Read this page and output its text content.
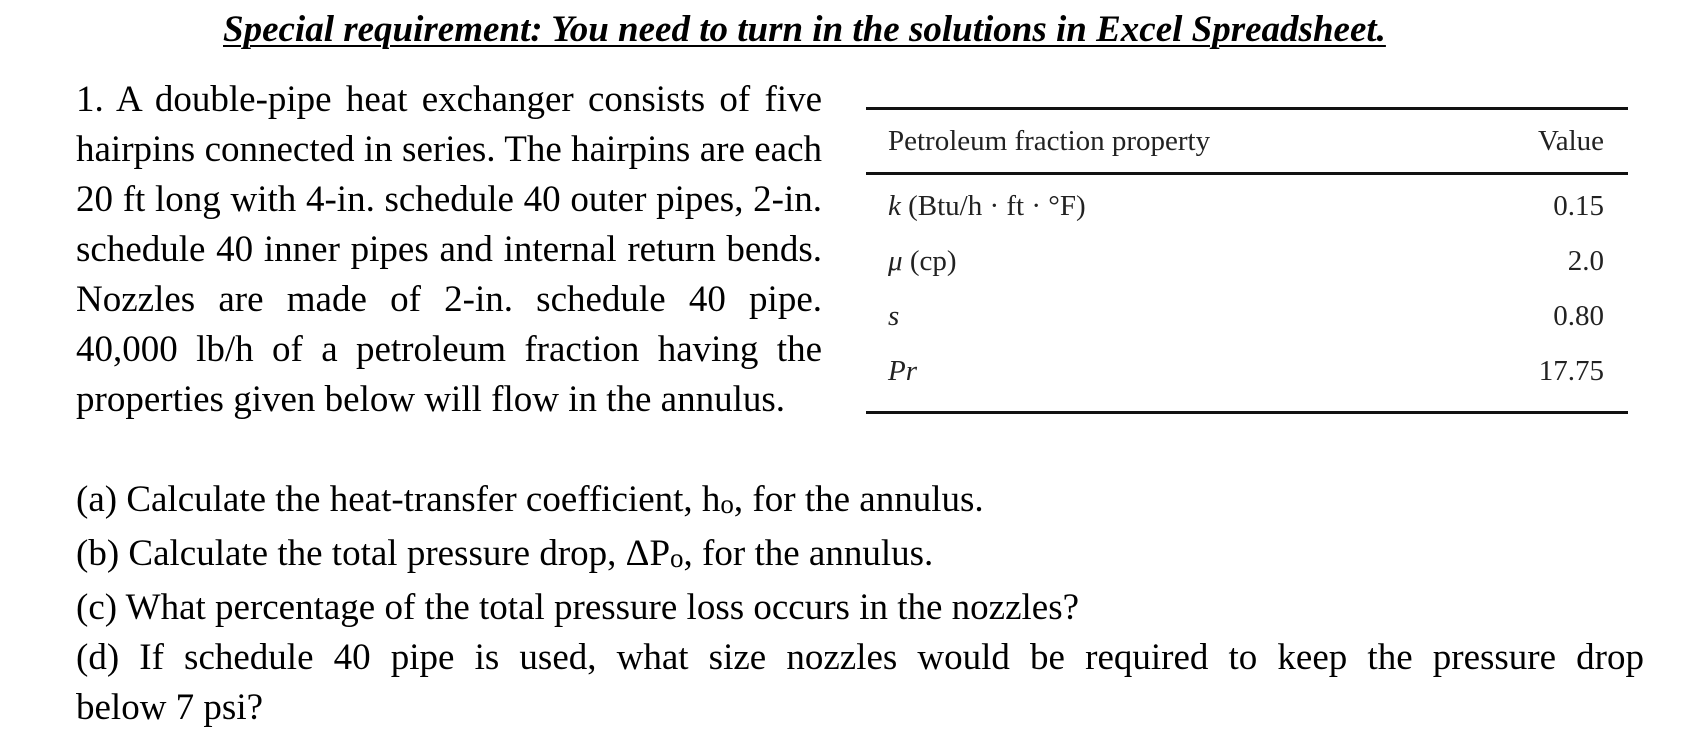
Special requirement: You need to turn in the solutions in Excel Spreadsheet.

1. A double-pipe heat exchanger consists of five hairpins connected in series. The hairpins are each 20 ft long with 4-in. schedule 40 outer pipes, 2-in. schedule 40 inner pipes and internal return bends. Nozzles are made of 2-in. schedule 40 pipe. 40,000 lb/h of a petroleum fraction having the properties given below will flow in the annulus.

Petroleum fraction property	Value
k (Btu/h · ft · °F)	0.15
μ (cp)	2.0
s	0.80
Pr	17.75

(a) Calculate the heat-transfer coefficient, ho, for the annulus.

(b) Calculate the total pressure drop, ΔPo, for the annulus.

(c) What percentage of the total pressure loss occurs in the nozzles?

(d) If schedule 40 pipe is used, what size nozzles would be required to keep the pressure drop
below 7 psi?
